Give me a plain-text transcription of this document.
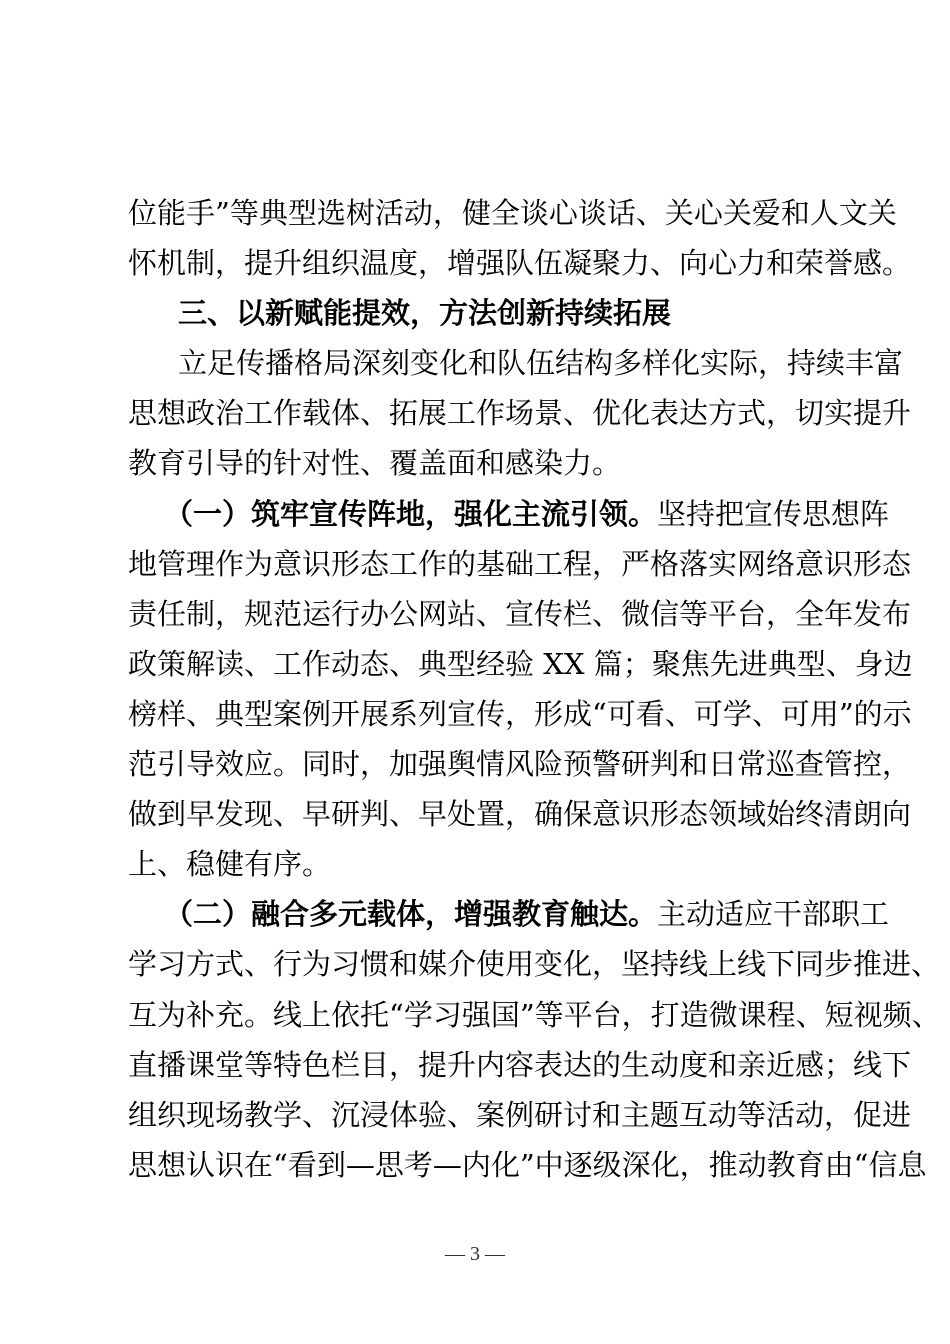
位能手”等典型选树活动，健全谈心谈话、关心关爱和人文关
怀机制，提升组织温度，增强队伍凝聚力、向心力和荣誉感。
三、以新赋能提效，方法创新持续拓展
立足传播格局深刻变化和队伍结构多样化实际，持续丰富
思想政治工作载体、拓展工作场景、优化表达方式，切实提升
教育引导的针对性、覆盖面和感染力。
（一）筑牢宣传阵地，强化主流引领。坚持把宣传思想阵
地管理作为意识形态工作的基础工程，严格落实网络意识形态
责任制，规范运行办公网站、宣传栏、微信等平台，全年发布
政策解读、工作动态、典型经验 XX 篇；聚焦先进典型、身边
榜样、典型案例开展系列宣传，形成“可看、可学、可用”的示
范引导效应。同时，加强舆情风险预警研判和日常巡查管控，
做到早发现、早研判、早处置，确保意识形态领域始终清朗向
上、稳健有序。
（二）融合多元载体，增强教育触达。主动适应干部职工
学习方式、行为习惯和媒介使用变化，坚持线上线下同步推进、
互为补充。线上依托“学习强国”等平台，打造微课程、短视频、
直播课堂等特色栏目，提升内容表达的生动度和亲近感；线下
组织现场教学、沉浸体验、案例研讨和主题互动等活动，促进
思想认识在“看到—思考—内化”中逐级深化，推动教育由“信息
— 3 —
